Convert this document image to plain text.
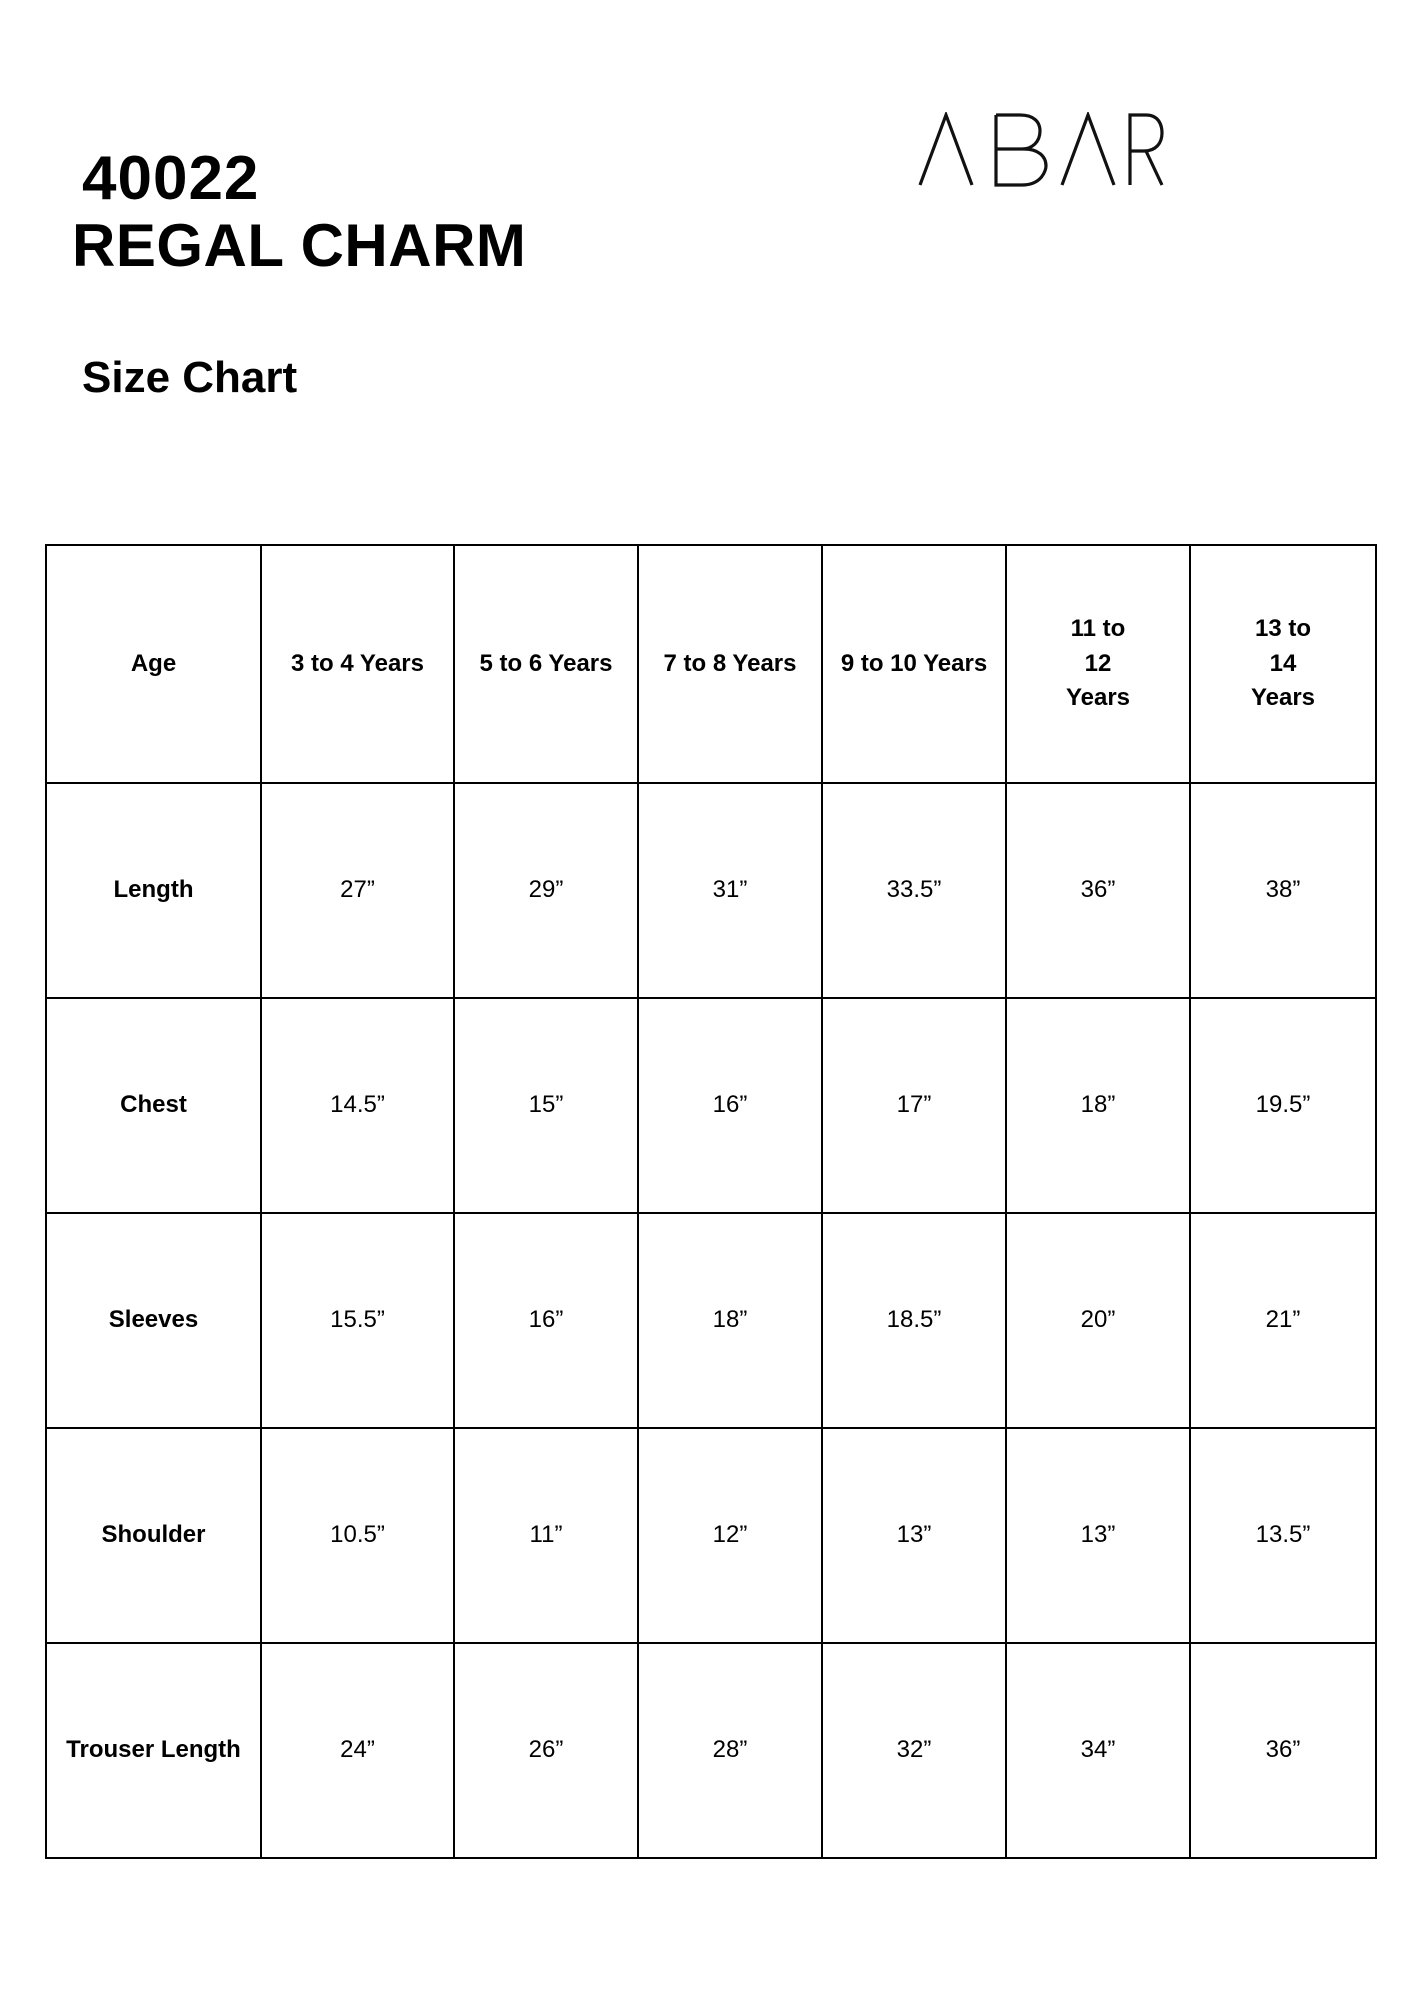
40022
REGAL CHARM
Size Chart
Age	3 to 4 Years	5 to 6 Years	7 to 8 Years	9 to 10 Years	11 to 12 Years	13 to 14 Years
Length	27”	29”	31”	33.5”	36”	38”
Chest	14.5”	15”	16”	17”	18”	19.5”
Sleeves	15.5”	16”	18”	18.5”	20”	21”
Shoulder	10.5”	11”	12”	13”	13”	13.5”
Trouser Length	24”	26”	28”	32”	34”	36”
